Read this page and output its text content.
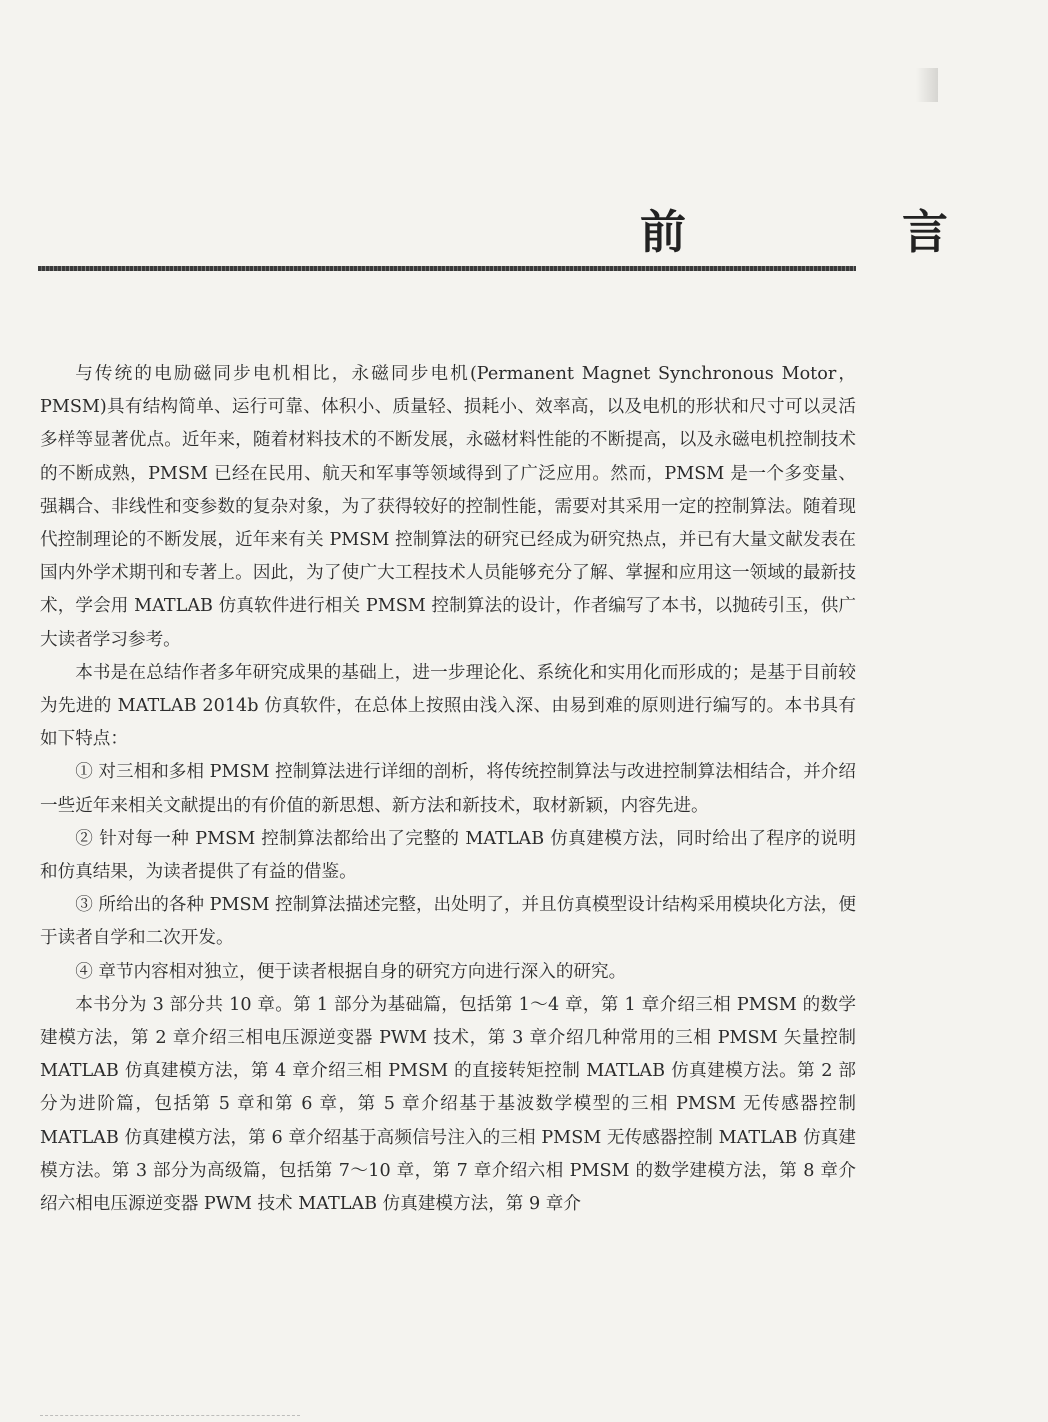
前 言

与传统的电励磁同步电机相比，永磁同步电机(Permanent Magnet Synchronous Motor，PMSM)具有结构简单、运行可靠、体积小、质量轻、损耗小、效率高，以及电机的形状和尺寸可以灵活多样等显著优点。近年来，随着材料技术的不断发展，永磁材料性能的不断提高，以及永磁电机控制技术的不断成熟，PMSM 已经在民用、航天和军事等领域得到了广泛应用。然而，PMSM 是一个多变量、强耦合、非线性和变参数的复杂对象，为了获得较好的控制性能，需要对其采用一定的控制算法。随着现代控制理论的不断发展，近年来有关 PMSM 控制算法的研究已经成为研究热点，并已有大量文献发表在国内外学术期刊和专著上。因此，为了使广大工程技术人员能够充分了解、掌握和应用这一领域的最新技术，学会用 MATLAB 仿真软件进行相关 PMSM 控制算法的设计，作者编写了本书，以抛砖引玉，供广大读者学习参考。

本书是在总结作者多年研究成果的基础上，进一步理论化、系统化和实用化而形成的；是基于目前较为先进的 MATLAB 2014b 仿真软件，在总体上按照由浅入深、由易到难的原则进行编写的。本书具有如下特点：

① 对三相和多相 PMSM 控制算法进行详细的剖析，将传统控制算法与改进控制算法相结合，并介绍一些近年来相关文献提出的有价值的新思想、新方法和新技术，取材新颖，内容先进。

② 针对每一种 PMSM 控制算法都给出了完整的 MATLAB 仿真建模方法，同时给出了程序的说明和仿真结果，为读者提供了有益的借鉴。

③ 所给出的各种 PMSM 控制算法描述完整，出处明了，并且仿真模型设计结构采用模块化方法，便于读者自学和二次开发。

④ 章节内容相对独立，便于读者根据自身的研究方向进行深入的研究。

本书分为 3 部分共 10 章。第 1 部分为基础篇，包括第 1～4 章，第 1 章介绍三相 PMSM 的数学建模方法，第 2 章介绍三相电压源逆变器 PWM 技术，第 3 章介绍几种常用的三相 PMSM 矢量控制 MATLAB 仿真建模方法，第 4 章介绍三相 PMSM 的直接转矩控制 MATLAB 仿真建模方法。第 2 部分为进阶篇，包括第 5 章和第 6 章，第 5 章介绍基于基波数学模型的三相 PMSM 无传感器控制 MATLAB 仿真建模方法，第 6 章介绍基于高频信号注入的三相 PMSM 无传感器控制 MATLAB 仿真建模方法。第 3 部分为高级篇，包括第 7～10 章，第 7 章介绍六相 PMSM 的数学建模方法，第 8 章介绍六相电压源逆变器 PWM 技术 MATLAB 仿真建模方法，第 9 章介
